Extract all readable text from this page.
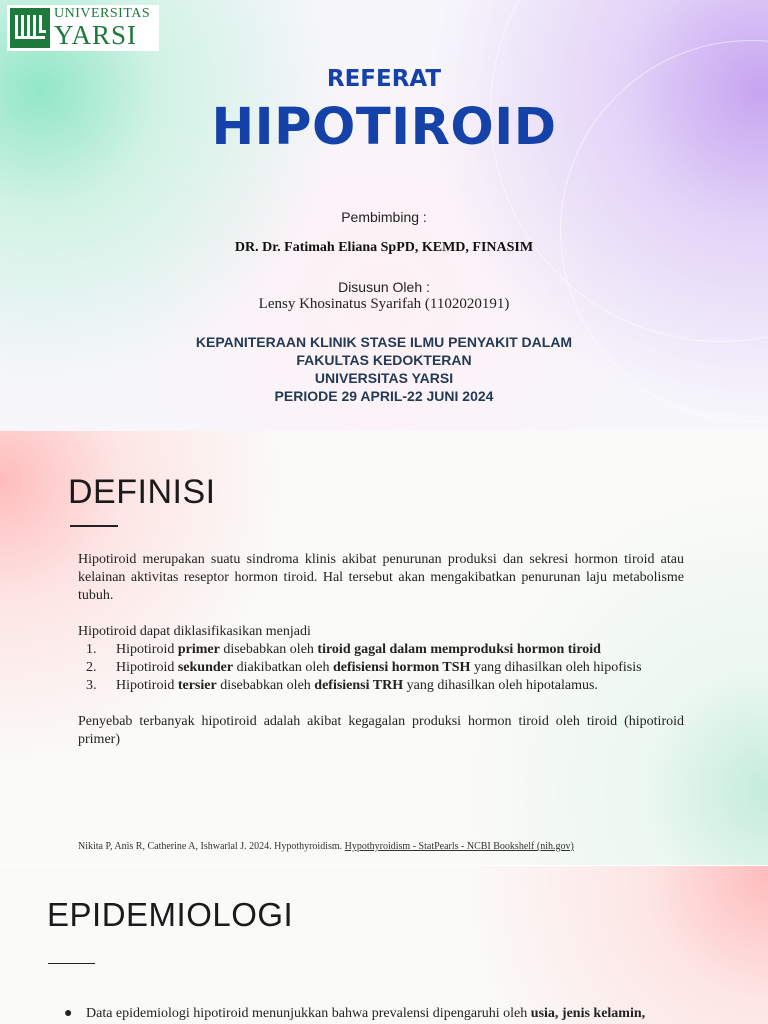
UNIVERSITAS
YARSI
REFERAT
HIPOTIROID
Pembimbing :
DR. Dr. Fatimah Eliana SpPD, KEMD, FINASIM
Disusun Oleh :
Lensy Khosinatus Syarifah (1102020191)
KEPANITERAAN KLINIK STASE ILMU PENYAKIT DALAM
FAKULTAS KEDOKTERAN
UNIVERSITAS YARSI
PERIODE 29 APRIL-22 JUNI 2024
DEFINISI
Hipotiroid merupakan suatu sindroma klinis akibat penurunan produksi dan sekresi hormon tiroid atau kelainan aktivitas reseptor hormon tiroid. Hal tersebut akan mengakibatkan penurunan laju metabolisme tubuh.
Hipotiroid dapat diklasifikasikan menjadi
1. Hipotiroid primer disebabkan oleh tiroid gagal dalam memproduksi hormon tiroid
2. Hipotiroid sekunder diakibatkan oleh defisiensi hormon TSH yang dihasilkan oleh hipofisis
3. Hipotiroid tersier disebabkan oleh defisiensi TRH yang dihasilkan oleh hipotalamus.
Penyebab terbanyak hipotiroid adalah akibat kegagalan produksi hormon tiroid oleh tiroid (hipotiroid primer)
Nikita P, Anis R, Catherine A, Ishwarlal J. 2024. Hypothyroidism. Hypothyroidism - StatPearls - NCBI Bookshelf (nih.gov)
EPIDEMIOLOGI
● Data epidemiologi hipotiroid menunjukkan bahwa prevalensi dipengaruhi oleh usia, jenis kelamin,
